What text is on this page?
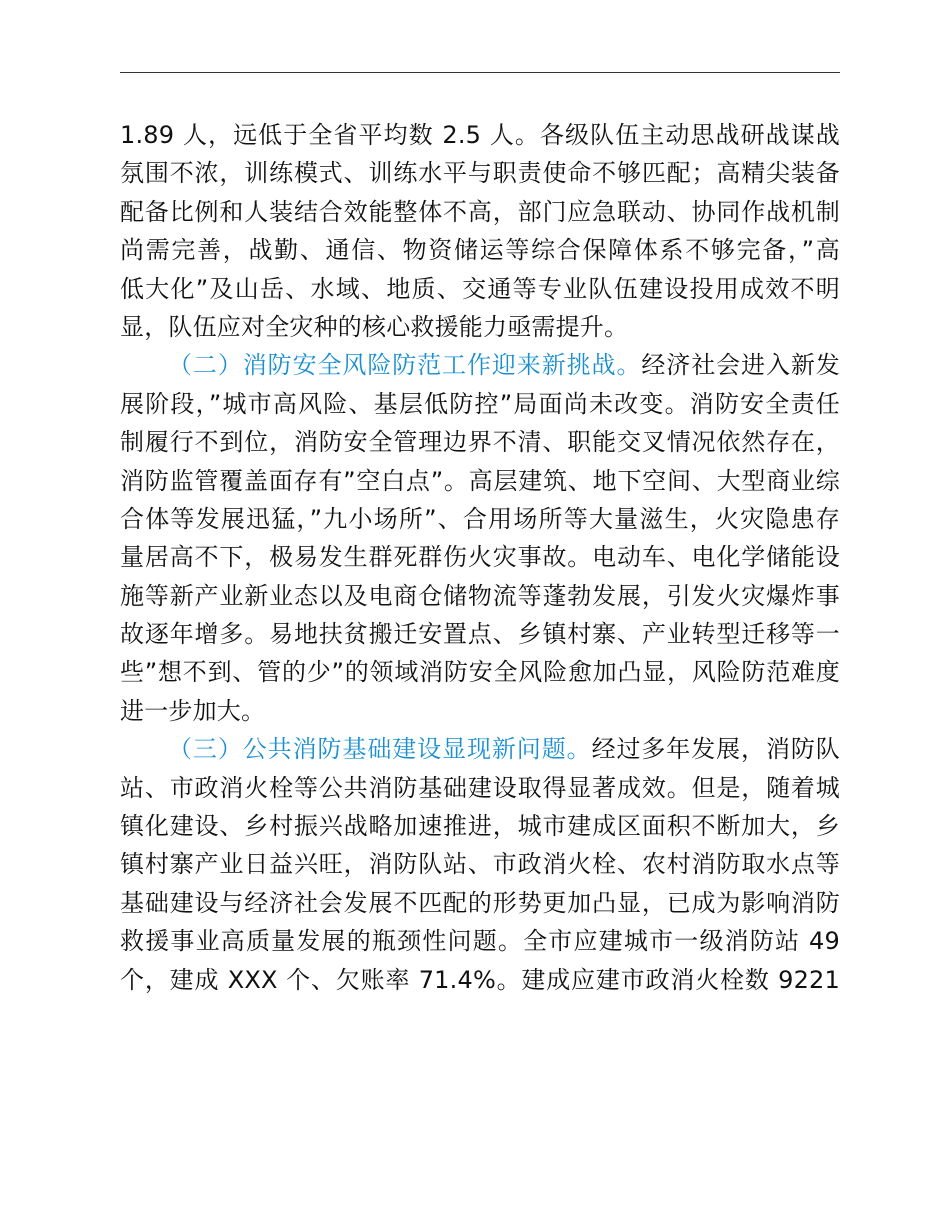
1.89 人，远低于全省平均数 2.5 人。各级队伍主动思战研战谋战
氛围不浓，训练模式、训练水平与职责使命不够匹配；高精尖装备
配备比例和人装结合效能整体不高，部门应急联动、协同作战机制
尚需完善，战勤、通信、物资储运等综合保障体系不够完备，”高
低大化”及山岳、水域、地质、交通等专业队伍建设投用成效不明
显，队伍应对全灾种的核心救援能力亟需提升。
（二）消防安全风险防范工作迎来新挑战。经济社会进入新发
展阶段，”城市高风险、基层低防控”局面尚未改变。消防安全责任
制履行不到位，消防安全管理边界不清、职能交叉情况依然存在，
消防监管覆盖面存有”空白点”。高层建筑、地下空间、大型商业综
合体等发展迅猛，”九小场所”、合用场所等大量滋生，火灾隐患存
量居高不下，极易发生群死群伤火灾事故。电动车、电化学储能设
施等新产业新业态以及电商仓储物流等蓬勃发展，引发火灾爆炸事
故逐年增多。易地扶贫搬迁安置点、乡镇村寨、产业转型迁移等一
些”想不到、管的少”的领域消防安全风险愈加凸显，风险防范难度
进一步加大。
（三）公共消防基础建设显现新问题。经过多年发展，消防队
站、市政消火栓等公共消防基础建设取得显著成效。但是，随着城
镇化建设、乡村振兴战略加速推进，城市建成区面积不断加大，乡
镇村寨产业日益兴旺，消防队站、市政消火栓、农村消防取水点等
基础建设与经济社会发展不匹配的形势更加凸显，已成为影响消防
救援事业高质量发展的瓶颈性问题。全市应建城市一级消防站 49
个，建成 XXX 个、欠账率 71.4%。建成应建市政消火栓数 9221
